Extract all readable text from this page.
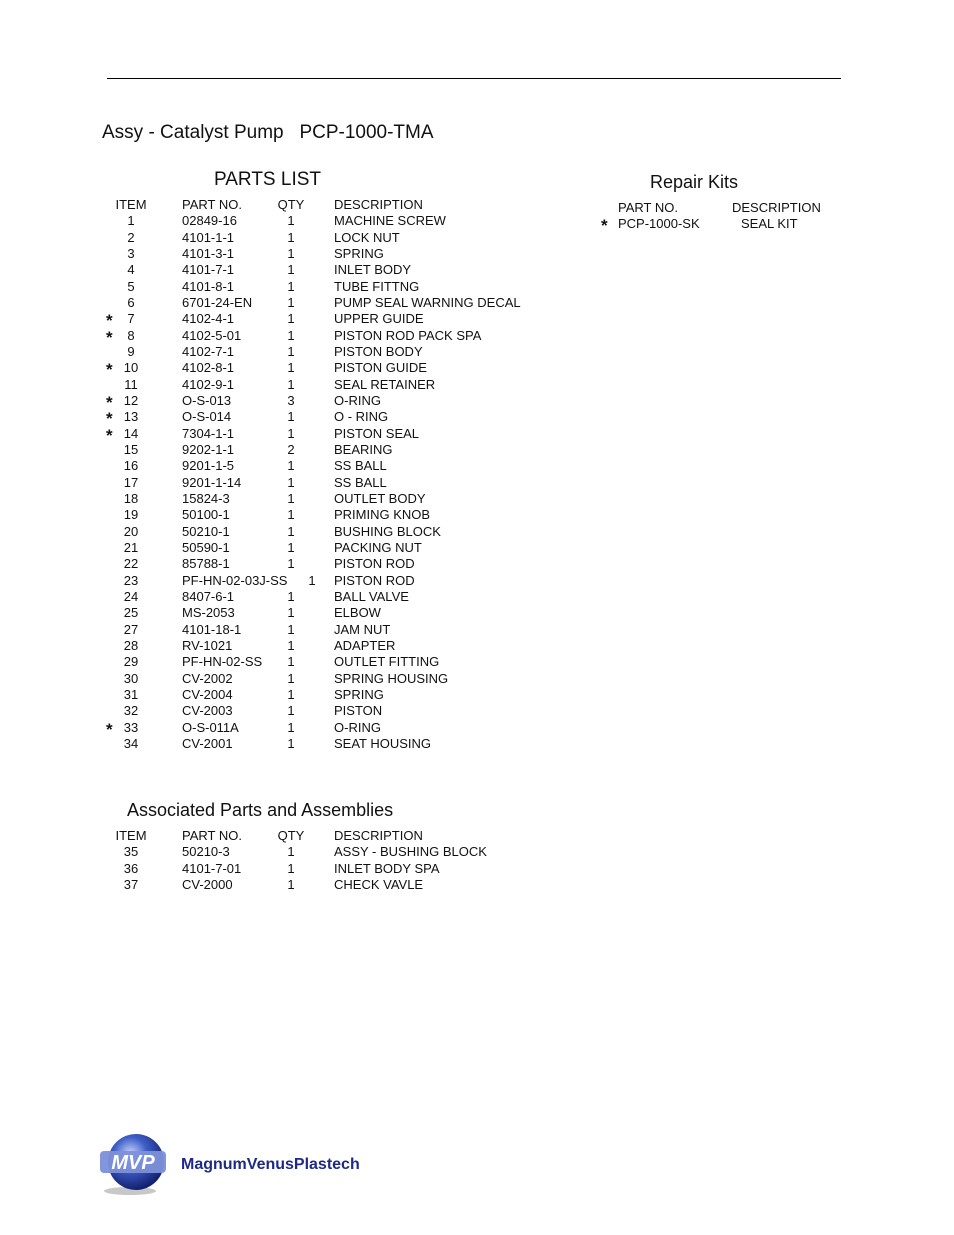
Assy - Catalyst Pump   PCP-1000-TMA
PARTS LIST
ITEM	PART NO.	QTY	DESCRIPTION
1	02849-16	1	MACHINE SCREW
2	4101-1-1	1	LOCK NUT
3	4101-3-1	1	SPRING
4	4101-7-1	1	INLET BODY
5	4101-8-1	1	TUBE FITTNG
6	6701-24-EN	1	PUMP SEAL WARNING DECAL
*	7	4102-4-1	1	UPPER GUIDE
*	8	4102-5-01	1	PISTON ROD PACK SPA
9	4102-7-1	1	PISTON BODY
* 10	4102-8-1	1	PISTON GUIDE
11	4102-9-1	1	SEAL RETAINER
* 12	O-S-013	3	O-RING
* 13	O-S-014	1	O - RING
* 14	7304-1-1	1	PISTON SEAL
15	9202-1-1	2	BEARING
16	9201-1-5	1	SS BALL
17	9201-1-14	1	SS BALL
18	15824-3	1	OUTLET BODY
19	50100-1	1	PRIMING KNOB
20	50210-1	1	BUSHING BLOCK
21	50590-1	1	PACKING NUT
22	85788-1	1	PISTON ROD
23	PF-HN-02-03J-SS	1	PISTON ROD
24	8407-6-1	1	BALL VALVE
25	MS-2053	1	ELBOW
27	4101-18-1	1	JAM NUT
28	RV-1021	1	ADAPTER
29	PF-HN-02-SS	1	OUTLET FITTING
30	CV-2002	1	SPRING HOUSING
31	CV-2004	1	SPRING
32	CV-2003	1	PISTON
* 33	O-S-011A	1	O-RING
34	CV-2001	1	SEAT HOUSING
Repair Kits
PART NO.	DESCRIPTION
* PCP-1000-SK	SEAL KIT
Associated Parts and Assemblies
ITEM	PART NO.	QTY	DESCRIPTION
35	50210-3	1	ASSY - BUSHING BLOCK
36	4101-7-01	1	INLET BODY SPA
37	CV-2000	1	CHECK VAVLE
MVP MagnumVenusPlastech
